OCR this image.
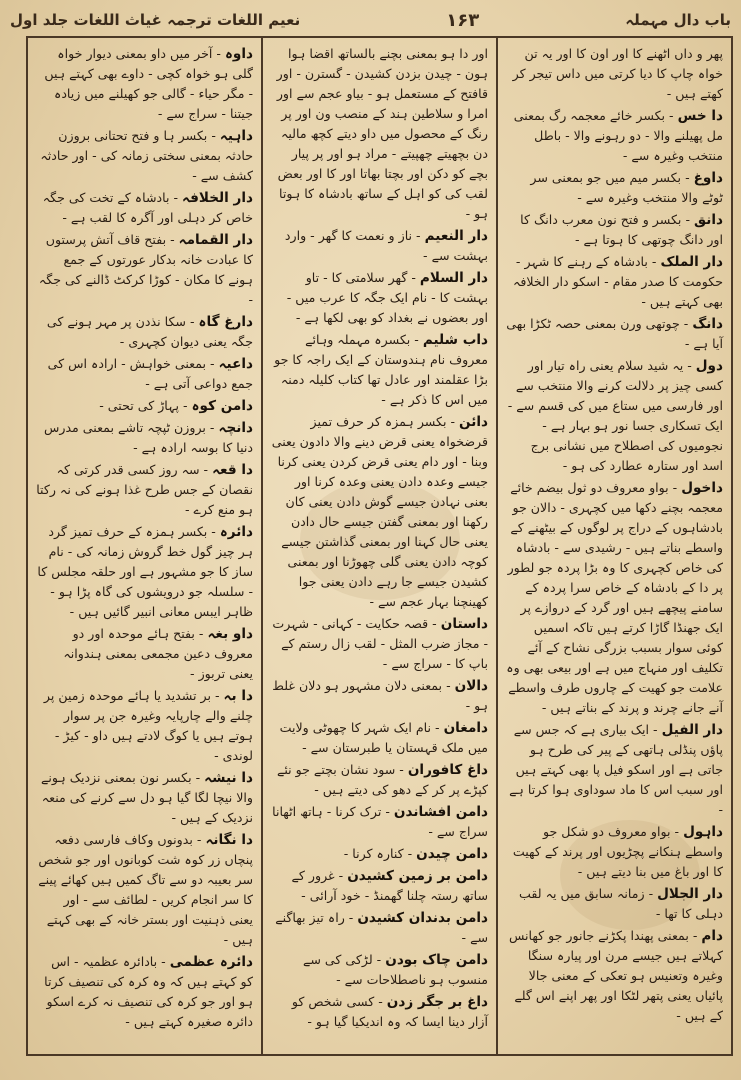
نعیم اللغات ترجمہ غیاث اللغات جلد اول	۱۶۳	باب دال مہملہ

داوہ - آخر میں داو بمعنی دیوار خواہ گلی ہو خواہ کچی - داوے بھی کہتے ہیں - مگر حیاء - گالی جو کھیلنے میں زیادہ جیتنا - سراج سے -

داہیہ - بکسر ہا و فتح تحتانی بروزن حادثہ بمعنی سختی زمانہ کی - اور حادثہ کشف سے -

دار الخلافہ - بادشاہ کے تخت کی جگہ خاص کر دہلی اور آگرہ کا لقب ہے -

دار القمامہ - بفتح قاف آتش پرستوں کا عبادت خانہ بدکار عورتوں کے جمع ہونے کا مکان - کوڑا کرکٹ ڈالنے کی جگہ -

دارغ گاہ - سکا نذدن پر مہر ہونے کی جگہ یعنی دیوان کچہری -

داعیہ - بمعنی خواہش - ارادہ اس کی جمع دواعی آتی ہے -

دامن کوہ - پہاڑ کی تحتی -

دانچہ - بروزن ٹپچہ تاشے بمعنی مدرس دنیا کا بوسہ ارادہ ہے -

دا قعہ - سہ روز کسی قدر کرتی کہ نقصان کے جس طرح غذا ہونے کی نہ رکتا ہو منع کرے -

دائرہ - بکسر ہمزہ کے حرف تمیز گرد ہر چیز گول خط گروش زمانہ کی - نام ساز کا جو مشہور ہے اور حلقہ مجلس کا - سلسلہ جو درویشوں کی گاہ پڑا ہو - ظاہر ایبس معانی انبیر گائیں ہیں -

داو بغہ - بفتح ہائے موحدہ اور دو معروف دعین مجمعی بمعنی ہندوانہ یعنی تربوز -

دا بہ - بر تشدید یا ہائے موحدہ زمین پر چلنے والے چارپایہ وغیرہ جن پر سوار ہوتے ہیں یا کوگ لادتے ہیں داو - کیڑ - لوندی -

دا نیشہ - بکسر نون بمعنی نزدیک ہونے والا نیچا لگا گیا ہو دل سے کرنے کی منعہ نزدیک کے ہیں -

دا نگانہ - بدونوں وکاف فارسی دفعہ پنچاں زر کوہ شت کوبانوں اور جو شخص سر بعیبہ دو سے تاگ کمیں ہیں کھائے پینے کا سر انجام کریں - لطائف سے - اور یعنی ذہنیت اور بستر خانہ کے بھی کہتے ہیں -

دائرہ عظمی - بادائرہ عظمیہ - اس کو کہتے ہیں کہ وہ کرہ کی تنصیف کرتا ہو اور جو کرہ کی تنصیف نہ کرے اسکو دائرہ صغیرہ کہتے ہیں -

اور دا ہو بمعنی بچنے بالساتھ اقضا ہوا ہون - چیدن بزدن کشیدن - گسترن - اور قافتح کے مستعمل ہو - بیاو عجم سے اور امرا و سلاطین ہند کے منصب ون اور پر رنگ کے محصول میں داو دیتے کچھ مالیہ دن بچھیتے چھپیتے - مراد ہو اور پر پیار بچے کو دکن اور بچتا بھاتا اور کا اور بعض لقب کی کو اہل کے ساتھ بادشاہ کا ہوتا ہو -

دار النعیم - ناز و نعمت کا گھر - وارد بہشت سے -

دار السلام - گھر سلامتی کا - تاو بہشت کا - نام ایک جگہ کا عرب میں - اور بعضوں نے بغداد کو بھی لکھا ہے -

داب شلیم - بکسرہ مہملہ وہائے معروف نام ہندوستان کے ایک راجہ کا جو بڑا عقلمند اور عادل تھا کتاب کلیلہ دمنہ میں اس کا ذکر ہے -

دائن - بکسر ہمزہ کر حرف تمیز قرضخواہ یعنی قرض دینے والا دادون یعنی وبنا - اور دام یعنی قرض کردن یعنی کرنا جیسے وعدہ دادن یعنی وعدہ کرنا اور بعنی نہادن جیسے گوش دادن یعنی کان رکھنا اور بمعنی گفتن جیسے حال دادن یعنی حال کہنا اور بمعنی گذاشتن جیسے کوچہ دادن یعنی گلی چھوڑنا اور بمعنی کشیدن جیسے جا رہے دادن یعنی جوا کھینچنا بہار عجم سے -

داستان - قصہ حکایت - کہانی - شہرت - مجاز ضرب المثل - لقب زال رستم کے باپ کا - سراج سے -

دالان - بمعنی دلان مشہور ہو دلان غلط ہو -

دامغان - نام ایک شہر کا چھوٹی ولایت میں ملک قہستان یا طبرستان سے -

داغ کافوران - سود نشان بچتے جو نئے کپڑے پر کر کے دھو کی دیتے ہیں -

دامن افشاندن - ترک کرنا - ہاتھ اٹھانا سراج سے -

دامن چیدن - کنارہ کرنا -

دامن بر زمین کشیدن - غرور کے ساتھ رستہ چلنا گھمنڈ - خود آرائی -

دامن بدندان کشیدن - راہ تیز بھاگنے سے -

دامن چاک بودن - لڑکی کی سے منسوب ہو ناصطلاحات سے -

داغ بر جگر زدن - کسی شخص کو آزار دینا ایسا کہ وہ اندیکیا گیا ہو -

پھر و داں اٹھنے کا اور اون کا اور یہ تن خواہ چاپ کا دیا کرتی میں داس تیجر کر کھتے ہیں -

دا خس - بکسر خائے معجمہ رگ بمعنی مل پھیلنے والا - دو رہونے والا - باطل منتخب وغیرہ سے -

داوغ - بکسر میم میں جو بمعنی سر ٹوٹے والا منتخب وغیرہ سے -

دانق - بکسر و فتح نون معرب دانگ کا اور دانگ چوتھی کا ہوتا ہے -

دار الملک - بادشاہ کے رہنے کا شہر - حکومت کا صدر مقام - اسکو دار الخلافہ بھی کہتے ہیں -

دانگ - چوتھی ورن بمعنی حصہ ٹکڑا بھی آیا ہے -

دول - یہ شید سلام یعنی راہ تیار اور کسی چیز پر دلالت کرنے والا منتخب سے اور فارسی میں ستاع میں کی قسم سے - ایک تسکاری جسا نور ہو بہار ہے - نجومیوں کی اصطلاح میں نشانی برج اسد اور ستارہ عطارد کی ہو -

داخول - بواو معروف دو ثول بیضم خائے معجمہ بچنے دکھا میں کچہری - دالان جو بادشاہوں کے دراج پر لوگوں کے بیٹھنے کے واسطے بناتے ہیں - رشیدی سے - بادشاہ کی خاص کچہری کا وہ بڑا پردہ جو لطور پر دا کے بادشاہ کے خاص سرا پردہ کے سامنے پیچھے ہیں اور گرد کے دروازے پر ایک جھنڈا گاڑا کرتے ہیں تاکہ اسمیں کوئی سوار بسبب بزرگی نشاح کے آئے تکلیف اور منہاج میں ہے اور بیعی بھی وہ علامت جو کھیت کے چاروں طرف واسطے آنے جانے چرند و پرند کے بناتے ہیں -

دار الفیل - ایک بیاری ہے کہ جس سے پاؤں پنڈلی ہاتھی کے پیر کی طرح ہو جاتی ہے اور اسکو فیل پا بھی کہتے ہیں اور سبب اس کا ماد سوداوی ہوا کرتا ہے -

داہول - بواو معروف دو شکل جو واسطے ہنکانے پچڑیوں اور پرند کے کھیت کا اور باغ میں بنا دیتے ہیں -

دار الجلال - زمانہ سابق میں یہ لقب دہلی کا تھا -

دام - بمعنی پھندا پکڑنے جانور جو کھانس کہلاتے ہیں جیسے مرن اور پیارہ سنگا وغیرہ وتعنیس ہو تعکی کے معنی جالا پائیاں یعنی پتھر لٹکا اور پھر اپنے اس گلے کے ہیں -
